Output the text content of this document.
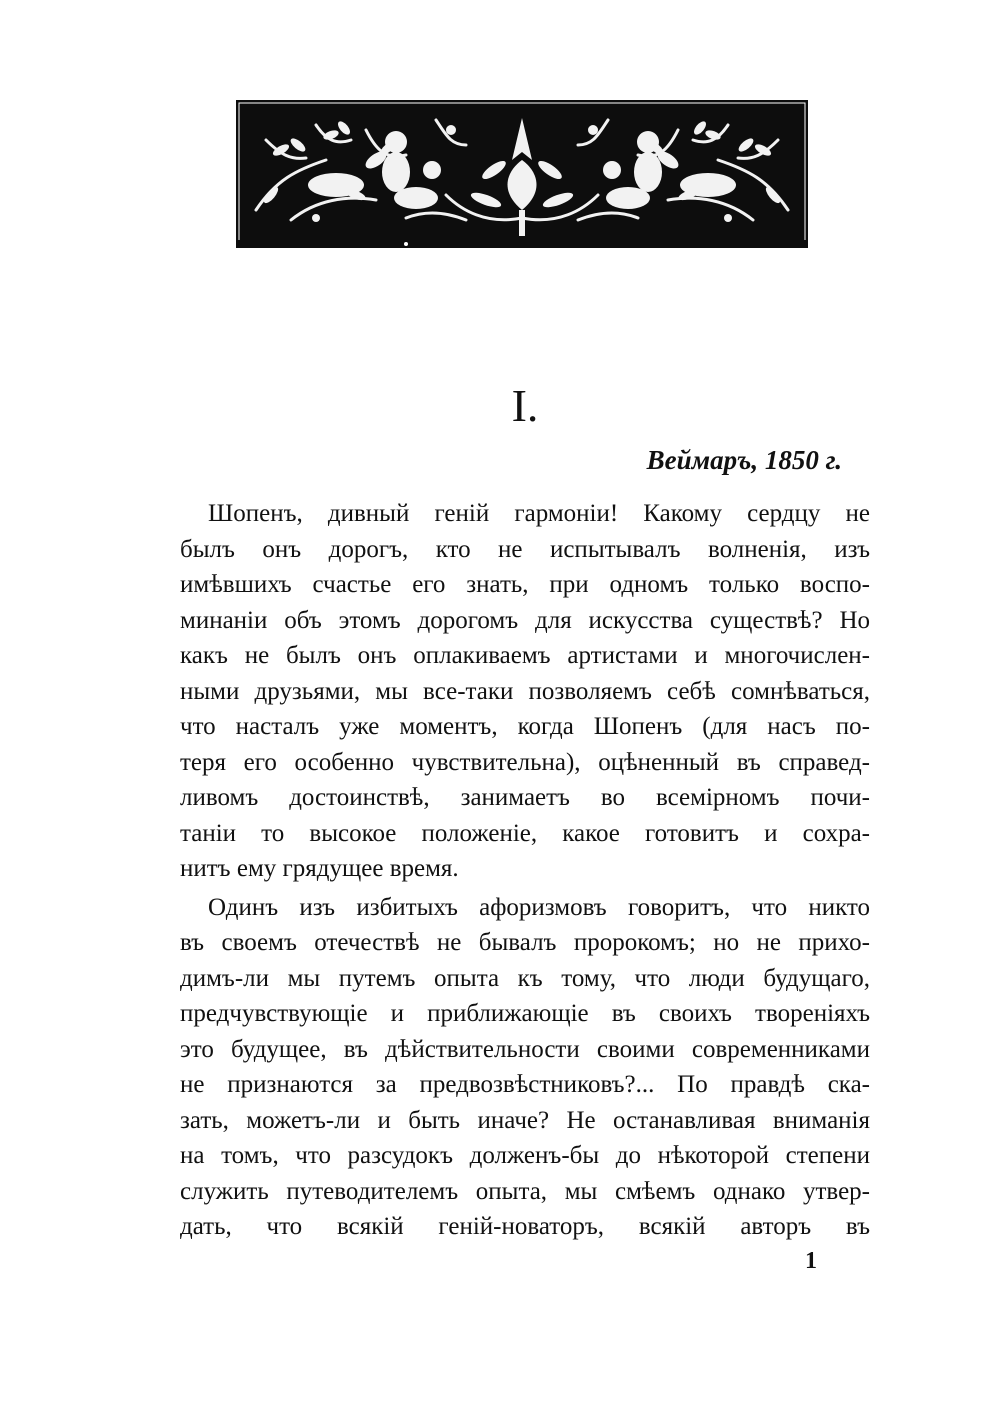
I.
Веймаръ, 1850 г.
Шопенъ, дивный генiй гармонiи! Какому сердцу не
былъ онъ дорогъ, кто не испытывалъ волненiя, изъ
имѣвшихъ счастье его знать, при одномъ только воспо-
минанiи объ этомъ дорогомъ для искусства существѣ? Но
какъ не былъ онъ оплакиваемъ артистами и многочислен-
ными друзьями, мы все-таки позволяемъ себѣ сомнѣваться,
что насталъ уже моментъ, когда Шопенъ (для насъ по-
теря его особенно чувствительна), оцѣненный въ справед-
ливомъ достоинствѣ, занимаетъ во всемiрномъ почи-
танiи то высокое положенiе, какое готовитъ и сохра-
нитъ ему грядущее время.
Одинъ изъ избитыхъ афоризмовъ говоритъ, что никто
въ своемъ отечествѣ не бывалъ пророкомъ; но не прихо-
димъ-ли мы путемъ опыта къ тому, что люди будущаго,
предчувствующiе и приближающiе въ своихъ творенiяхъ
это будущее, въ дѣйствительности своими современниками
не признаются за предвозвѣстниковъ?... По правдѣ ска-
зать, можетъ-ли и быть иначе? Не останавливая вниманiя
на томъ, что разсудокъ долженъ-бы до нѣкоторой степени
служить путеводителемъ опыта, мы смѣемъ однако утвер-
дать, что всякiй генiй-новаторъ, всякiй авторъ въ
1
